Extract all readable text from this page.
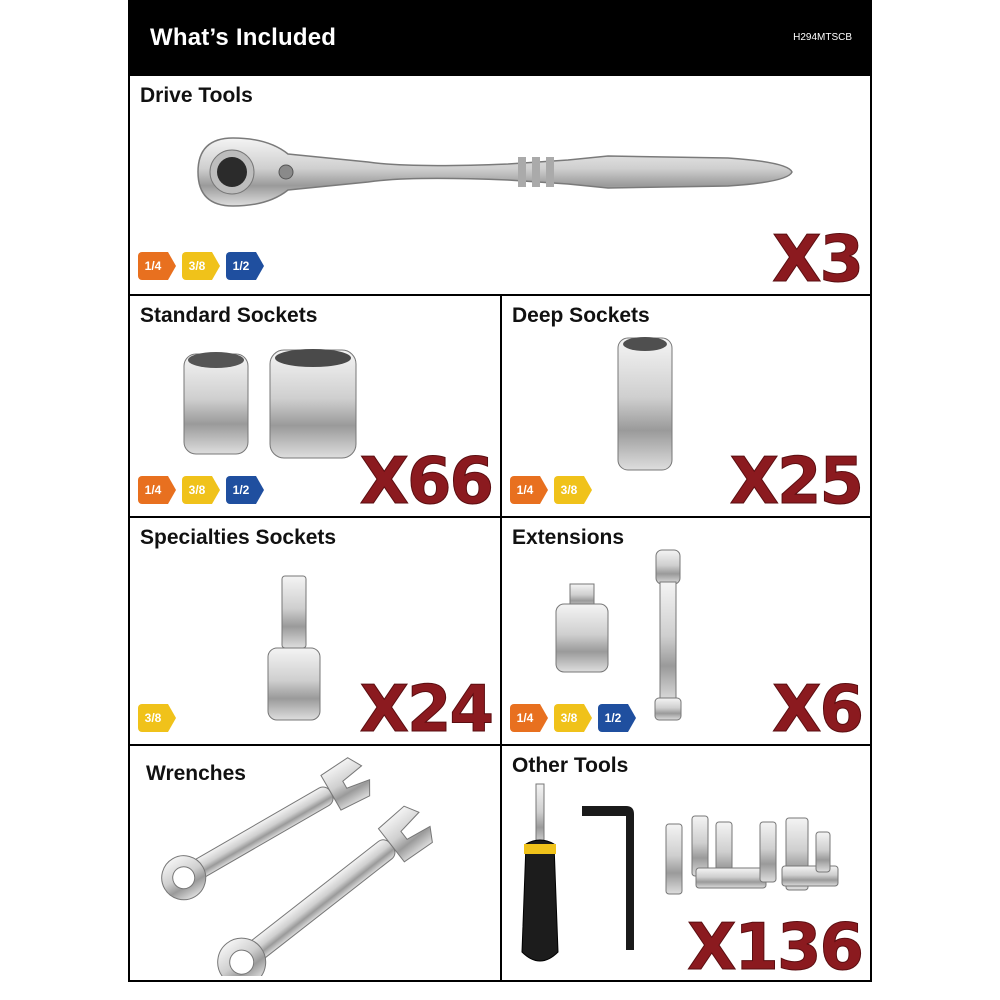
What’s Included	H294MTSCB
Drive Tools
1/4	3/8	1/2	X3
Standard Sockets
1/4	3/8	1/2 X66
Deep Sockets
1/4	3/8 X25
Specialties Sockets
3/8	X24
Extensions
1/4	3/8	1/2 X6
Wrenches	Other Tools
HUSKY	X136
